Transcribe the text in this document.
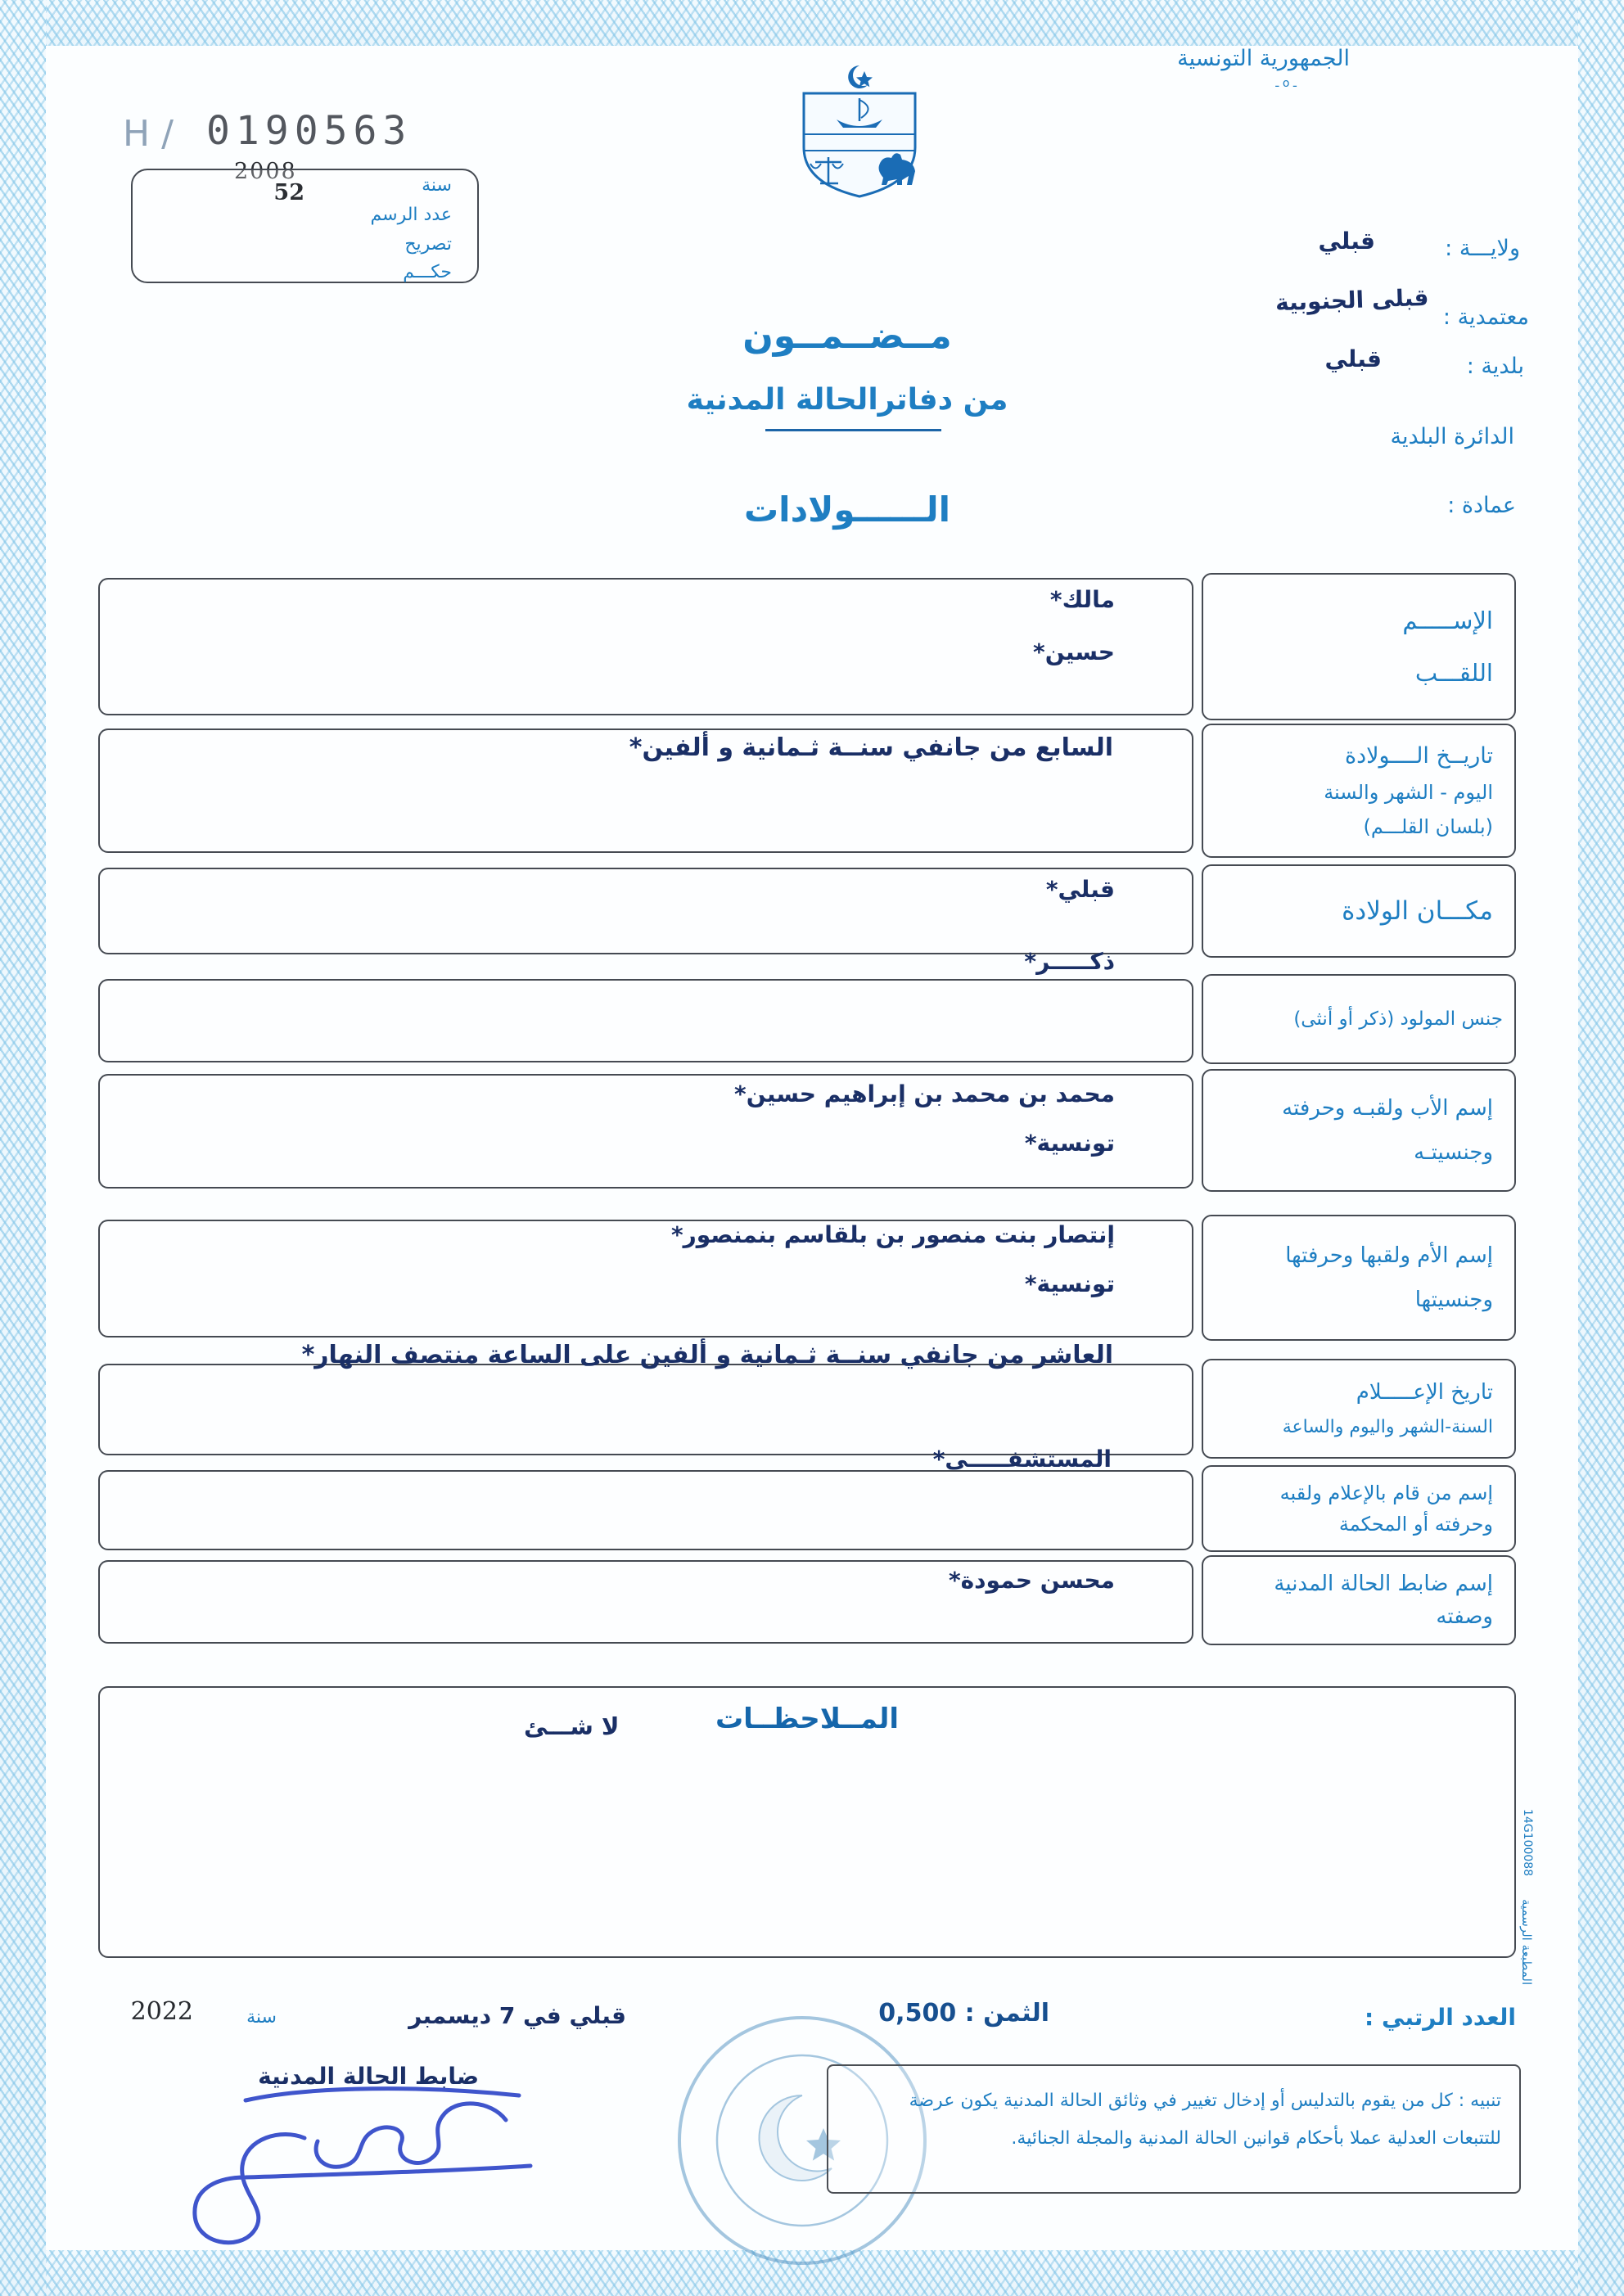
الجمهورية التونسية
ـ o ـ
H / 0190563
2008
سنة
52
عدد الرسم
تصريح
حكـــم
ولايـــة :
قبلي
معتمدية :
قبلى الجنوبية
بلدية :
قبلي
الدائرة البلدية
عمادة :
مــضــمــون
من دفاترالحالة المدنية
الــــــولادات
الإســـــم
اللقـــب
مالك*
حسين*
تاريــخ الــــولادة
اليوم - الشهر والسنة
(بلسان القلـــم)
السابع من جانفي سنــة ثـمانية و ألفين*
مكـــان الولادة
قبلي*
جنس المولود (ذكر أو أنثى)
ذكـــــر*
إسم الأب ولقبـه وحرفته
وجنسيتـه
محمد بن محمد بن إبراهيم حسين*
تونسية*
إسم الأم ولقبها وحرفتها
وجنسيتها
إنتصار بنت منصور بن بلقاسم بنمنصور*
تونسية*
تاريخ الإعـــــلام
السنة-الشهر واليوم والساعة
العاشر من جانفي سنــة ثـمانية و ألفين على الساعة منتصف النهار*
إسم من قام بالإعلام ولقبه
وحرفته أو المحكمة
المستشفـــــى*
إسم ضابط الحالة المدنية
وصفته
محسن حمودة*
المــلاحظــات
لا شـــئ
العدد الرتبي :
الثمن : 0,500
قبلي في 7 ديسمبر
سنة
2022
ضابط الحالة المدنية
تنبيه : كل من يقوم بالتدليس أو إدخال تغيير في وثائق الحالة المدنية يكون عرضة
للتتبعات العدلية عملا بأحكام قوانين الحالة المدنية والمجلة الجنائية.
14G100088
المطبعة الرسمية
